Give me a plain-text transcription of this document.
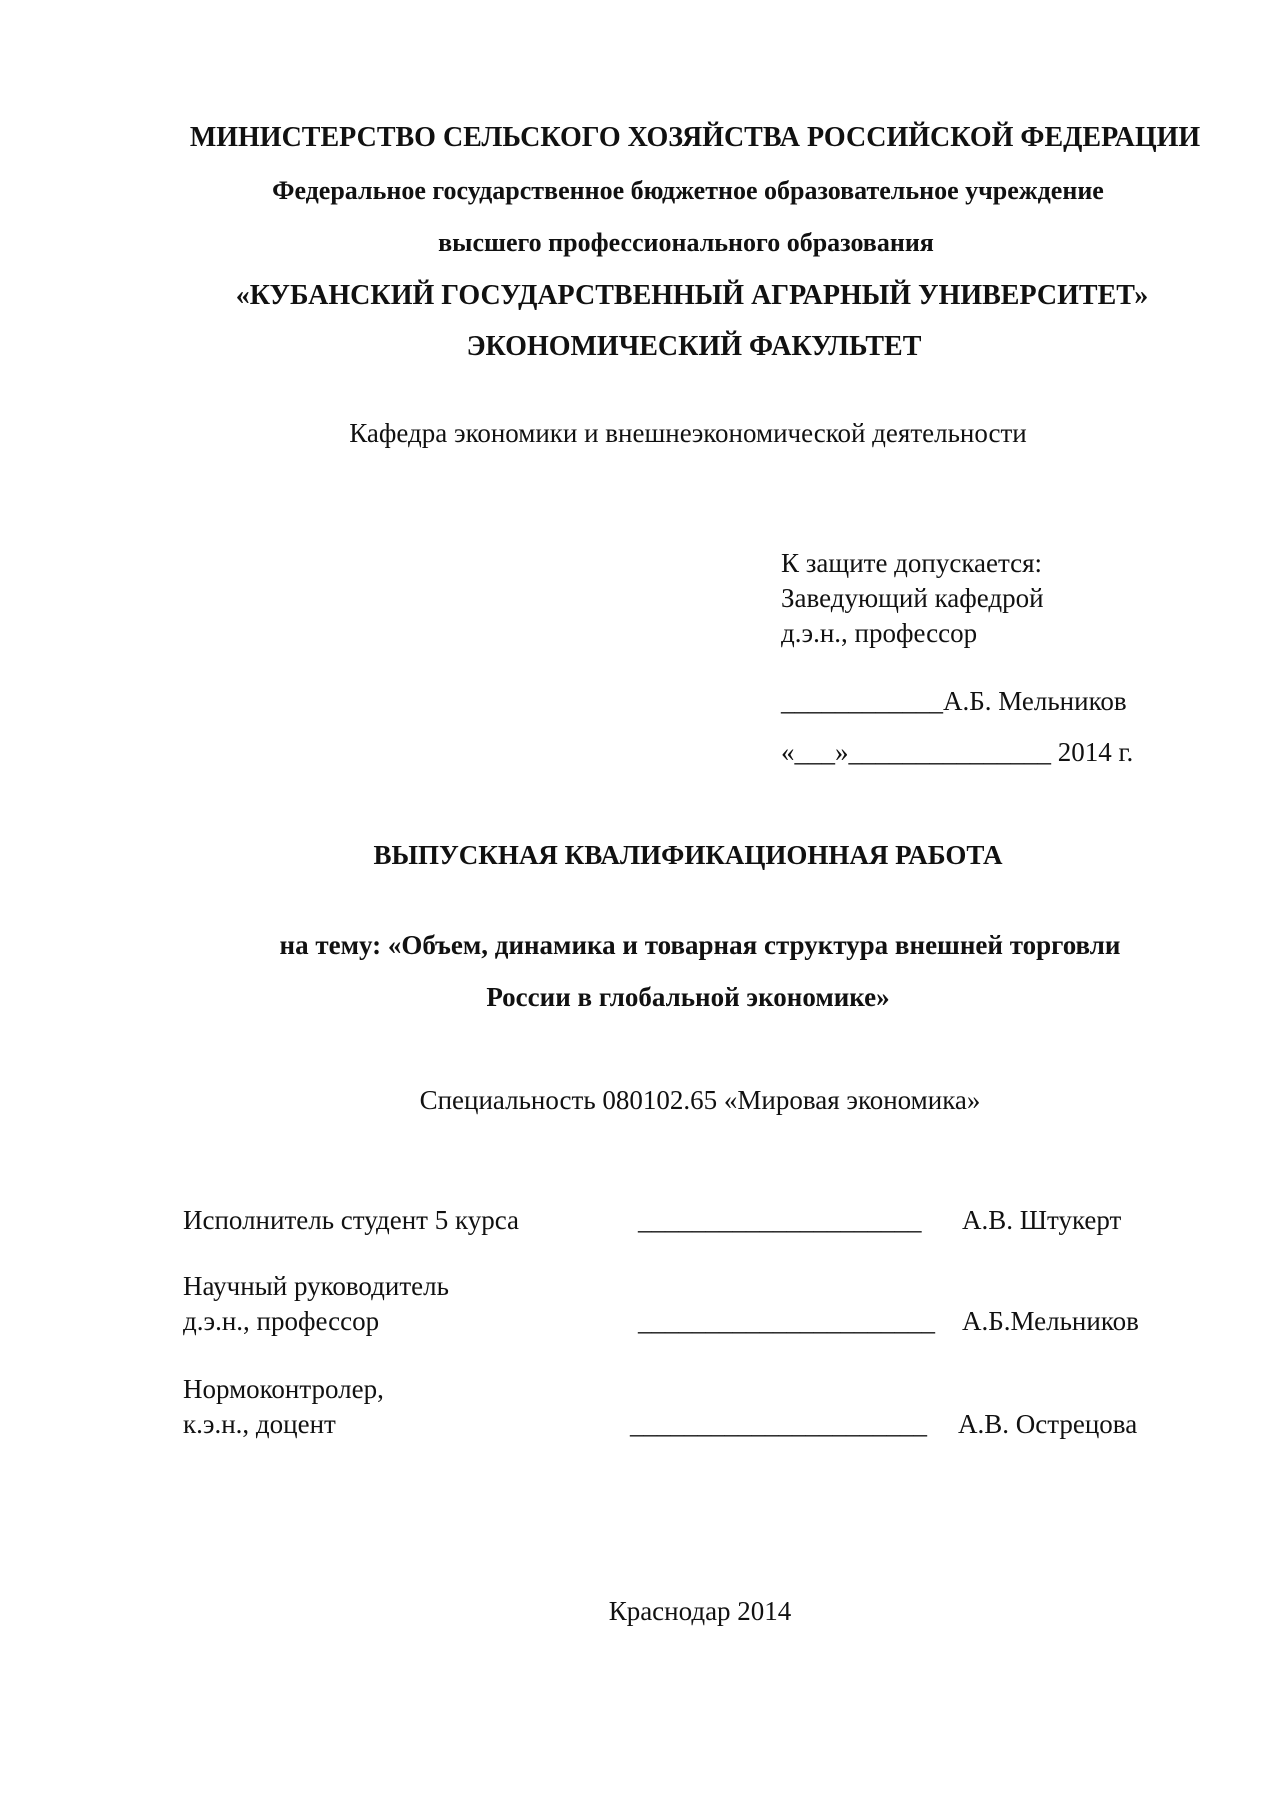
МИНИСТЕРСТВО СЕЛЬСКОГО ХОЗЯЙСТВА РОССИЙСКОЙ ФЕДЕРАЦИИ
Федеральное государственное бюджетное образовательное учреждение
высшего профессионального образования
«КУБАНСКИЙ ГОСУДАРСТВЕННЫЙ АГРАРНЫЙ УНИВЕРСИТЕТ»
ЭКОНОМИЧЕСКИЙ ФАКУЛЬТЕТ
Кафедра экономики и внешнеэкономической деятельности
К защите допускается:
Заведующий кафедрой
д.э.н., профессор
____________А.Б. Мельников
«___»_______________ 2014 г.
ВЫПУСКНАЯ КВАЛИФИКАЦИОННАЯ РАБОТА
на тему: «Объем, динамика и товарная структура внешней торговли
России в глобальной экономике»
Специальность 080102.65 «Мировая экономика»
Исполнитель студент 5 курса	_____________________ А.В. Штукерт
Научный руководитель
д.э.н., профессор	______________________ А.Б.Мельников
Нормоконтролер,
к.э.н., доцент	______________________ А.В. Острецова
Краснодар 2014
